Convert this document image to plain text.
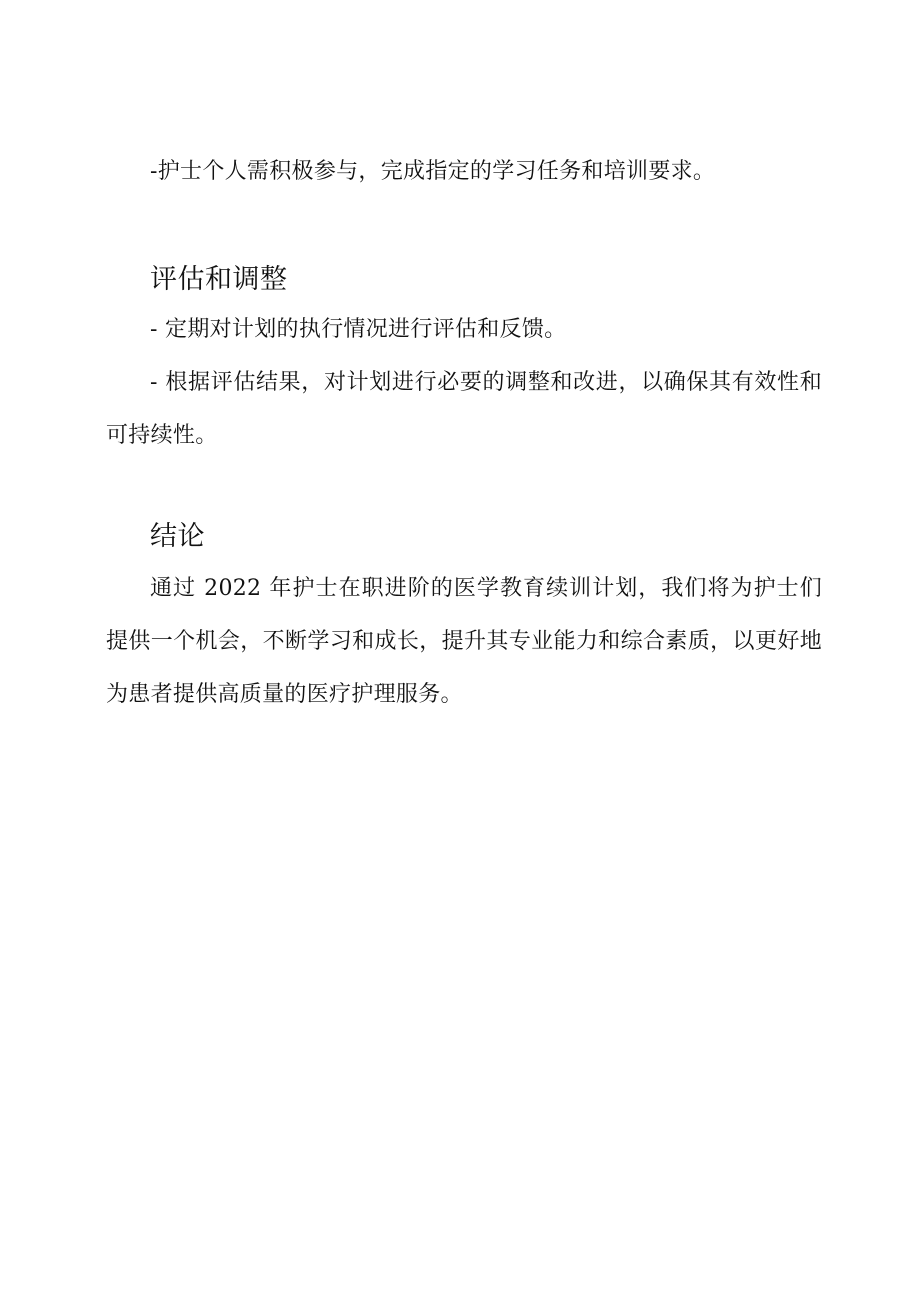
-护士个人需积极参与，完成指定的学习任务和培训要求。

评估和调整

- 定期对计划的执行情况进行评估和反馈。

- 根据评估结果，对计划进行必要的调整和改进，以确保其有效性和可持续性。

结论

通过 2022 年护士在职进阶的医学教育续训计划，我们将为护士们提供一个机会，不断学习和成长，提升其专业能力和综合素质，以更好地为患者提供高质量的医疗护理服务。
